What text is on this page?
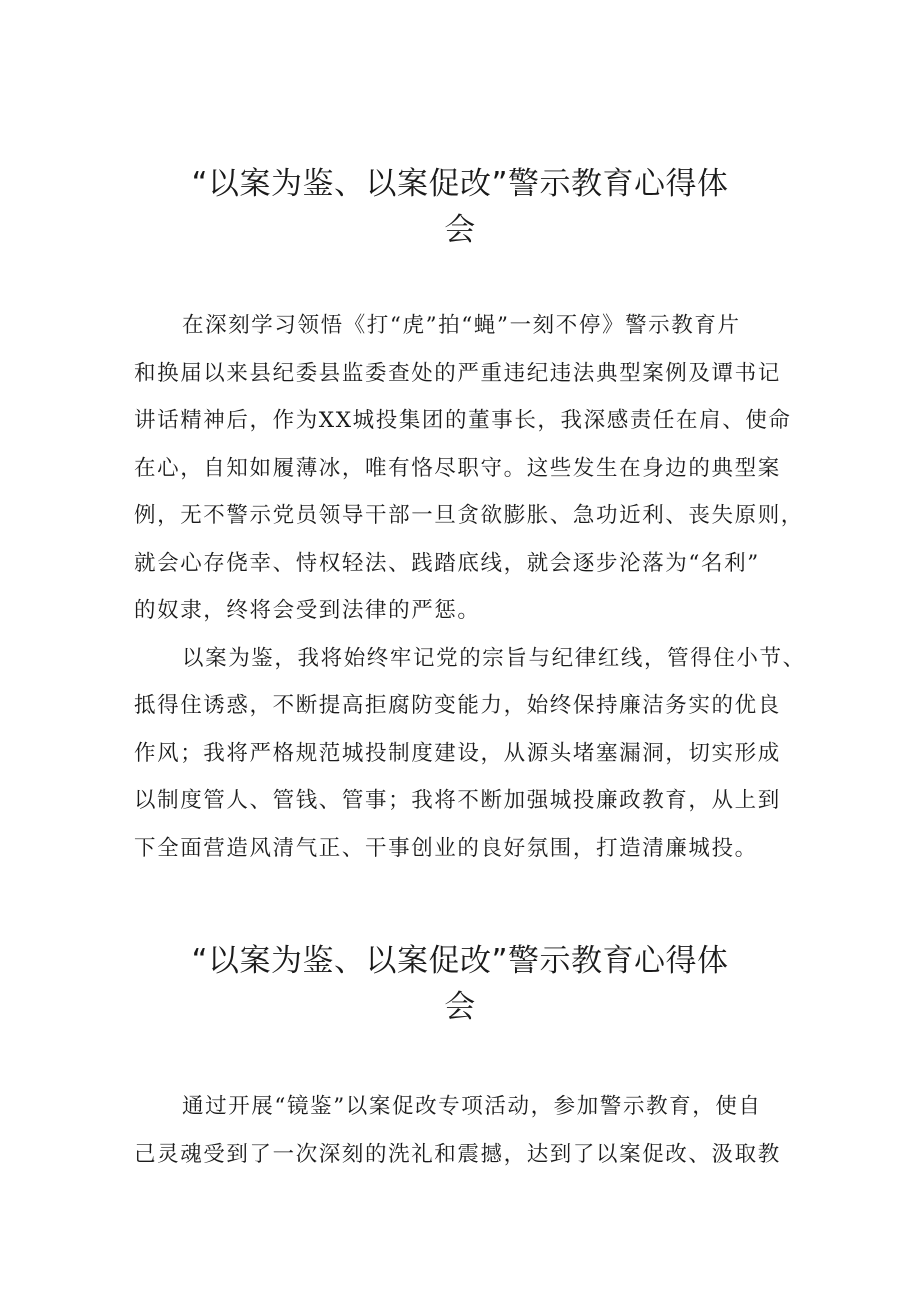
“以案为鉴、以案促改”警示教育心得体
会

在深刻学习领悟《打“虎”拍“蝇”一刻不停》警示教育片
和换届以来县纪委县监委查处的严重违纪违法典型案例及谭书记
讲话精神后，作为XX城投集团的董事长，我深感责任在肩、使命
在心，自知如履薄冰，唯有恪尽职守。这些发生在身边的典型案
例，无不警示党员领导干部一旦贪欲膨胀、急功近利、丧失原则，
就会心存侥幸、恃权轻法、践踏底线，就会逐步沦落为“名利”
的奴隶，终将会受到法律的严惩。

以案为鉴，我将始终牢记党的宗旨与纪律红线，管得住小节、
抵得住诱惑，不断提高拒腐防变能力，始终保持廉洁务实的优良
作风；我将严格规范城投制度建设，从源头堵塞漏洞，切实形成
以制度管人、管钱、管事；我将不断加强城投廉政教育，从上到
下全面营造风清气正、干事创业的良好氛围，打造清廉城投。

“以案为鉴、以案促改”警示教育心得体
会

通过开展“镜鉴”以案促改专项活动，参加警示教育，使自
己灵魂受到了一次深刻的洗礼和震撼，达到了以案促改、汲取教
